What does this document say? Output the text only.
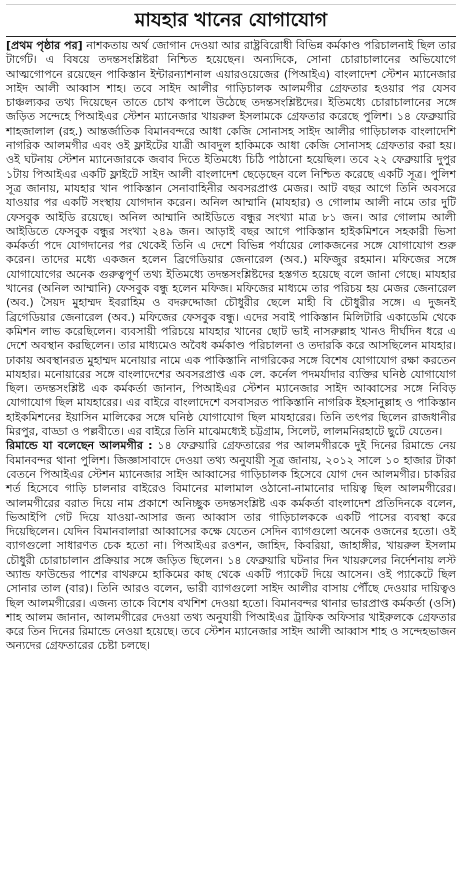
মাযহার খানের যোগাযোগ

[প্রথম পৃষ্ঠার পর] নাশকতায় অর্থ জোগান দেওয়া আর রাষ্ট্রবিরোধী বিভিন্ন কর্মকাণ্ড পরিচালনাই ছিল তার টার্গেট। এ বিষয়ে তদন্তসংশ্লিষ্টরা নিশ্চিত হয়েছেন। অন্যদিকে, সোনা চোরাচালানের অভিযোগে আত্মগোপনে রয়েছেন পাকিস্তান ইন্টারন্যাশনাল এয়ারওয়েজের (পিআইএ) বাংলাদেশ স্টেশন ম্যানেজার সাইদ আলী আব্বাস শাহ। তবে সাইদ আলীর গাড়িচালক আলমগীর গ্রেফতার হওয়ার পর যেসব চাঞ্চল্যকর তথ্য দিয়েছেন তাতে চোখ কপালে উঠেছে তদন্তসংশ্লিষ্টদের। ইতিমধ্যে চোরাচালানের সঙ্গে জড়িত সন্দেহে পিআইএর স্টেশন ম্যানেজার খায়রুল ইসলামকে গ্রেফতার করেছে পুলিশ। ১৪ ফেব্রুয়ারি শাহজালাল (রহ.) আন্তর্জাতিক বিমানবন্দরে আধা কেজি সোনাসহ সাইদ আলীর গাড়িচালক বাংলাদেশি নাগরিক আলমগীর এবং ওই ফ্লাইটের যাত্রী আবদুল হাকিমকে আধা কেজি সোনাসহ গ্রেফতার করা হয়। ওই ঘটনায় স্টেশন ম্যানেজারকে জবাব দিতে ইতিমধ্যে চিঠি পাঠানো হয়েছিল। তবে ২২ ফেব্রুয়ারি দুপুর ১টায় পিআইএর একটি ফ্লাইটে সাইদ আলী বাংলাদেশ ছেড়েছেন বলে নিশ্চিত করেছে একটি সূত্র। পুলিশ সূত্র জানায়, মাযহার খান পাকিস্তান সেনাবাহিনীর অবসরপ্রাপ্ত মেজর। আট বছর আগে তিনি অবসরে যাওয়ার পর একটি সংস্থায় যোগদান করেন। অনিল আম্মানি (মাযহার) ও গোলাম আলী নামে তার দুটি ফেসবুক আইডি রয়েছে। অনিল আম্মানি আইডিতে বন্ধুর সংখ্যা মাত্র ৮১ জন। আর গোলাম আলী আইডিতে ফেসবুক বন্ধুর সংখ্যা ২৪৯ জন। আড়াই বছর আগে পাকিস্তান হাইকমিশনে সহকারী ভিসা কর্মকর্তা পদে যোগদানের পর থেকেই তিনি এ দেশে বিভিন্ন পর্যায়ের লোকজনের সঙ্গে যোগাযোগ শুরু করেন। তাদের মধ্যে একজন হলেন ব্রিগেডিয়ার জেনারেল (অব.) মফিজুর রহমান। মফিজের সঙ্গে যোগাযোগের অনেক গুরুত্বপূর্ণ তথ্য ইতিমধ্যে তদন্তসংশ্লিষ্টদের হস্তগত হয়েছে বলে জানা গেছে। মাযহার খানের (অনিল আম্মানি) ফেসবুক বন্ধু হলেন মফিজ। মফিজের মাধ্যমে তার পরিচয় হয় মেজর জেনারেল (অব.) সৈয়দ মুহাম্মদ ইবরাহিম ও বদরুদ্দোজা চৌধুরীর ছেলে মাহী বি চৌধুরীর সঙ্গে। এ দুজনই ব্রিগেডিয়ার জেনারেল (অব.) মফিজের ফেসবুক বন্ধু। এদের সবাই পাকিস্তান মিলিটারি একাডেমি থেকে কমিশন লাভ করেছিলেন। ব্যবসায়ী পরিচয়ে মাযহার খানের ছোট ভাই নাসরুল্লাহ খানও দীর্ঘদিন ধরে এ দেশে অবস্থান করছিলেন। তার মাধ্যমেও অবৈধ কর্মকাণ্ড পরিচালনা ও তদারকি করে আসছিলেন মাযহার। ঢাকায় অবস্থানরত মুহাম্মদ মনোয়ার নামে এক পাকিস্তানি নাগরিকের সঙ্গে বিশেষ যোগাযোগ রক্ষা করতেন মাযহার। মনোয়ারের সঙ্গে বাংলাদেশের অবসরপ্রাপ্ত এক লে. কর্নেল পদমর্যাদার ব্যক্তির ঘনিষ্ঠ যোগাযোগ ছিল। তদন্তসংশ্লিষ্ট এক কর্মকর্তা জানান, পিআইএর স্টেশন ম্যানেজার সাইদ আব্বাসের সঙ্গে নিবিড় যোগাযোগ ছিল মাযহারের। এর বাইরে বাংলাদেশে বসবাসরত পাকিস্তানি নাগরিক ইহসানুল্লাহ ও পাকিস্তান হাইকমিশনের ইয়াসিন মালিকের সঙ্গে ঘনিষ্ঠ যোগাযোগ ছিল মাযহারের। তিনি তৎপর ছিলেন রাজধানীর মিরপুর, বাড্ডা ও পল্লবীতে। এর বাইরে তিনি মাঝেমধ্যেই চট্টগ্রাম, সিলেট, লালমনিরহাটে ছুটে যেতেন।

রিমান্ডে যা বলেছেন আলমগীর : ১৪ ফেব্রুয়ারি গ্রেফতারের পর আলমগীরকে দুই দিনের রিমান্ডে নেয় বিমানবন্দর থানা পুলিশ। জিজ্ঞাসাবাদে দেওয়া তথ্য অনুযায়ী সূত্র জানায়, ২০১২ সালে ১০ হাজার টাকা বেতনে পিআইএর স্টেশন ম্যানেজার সাইদ আব্বাসের গাড়িচালক হিসেবে যোগ দেন আলমগীর। চাকরির শর্ত হিসেবে গাড়ি চালনার বাইরেও বিমানের মালামাল ওঠানো-নামানোর দায়িত্ব ছিল আলমগীরের। আলমগীরের বরাত দিয়ে নাম প্রকাশে অনিচ্ছুক তদন্তসংশ্লিষ্ট এক কর্মকর্তা বাংলাদেশ প্রতিদিনকে বলেন, ভিআইপি গেট দিয়ে যাওয়া-আসার জন্য আব্বাস তার গাড়িচালককে একটি পাসের ব্যবস্থা করে দিয়েছিলেন। যেদিন বিমানবালারা আব্বাসের কক্ষে যেতেন সেদিন ব্যাগগুলো অনেক ওজনের হতো। ওই ব্যাগগুলো সাধারণত চেক হতো না। পিআইএর রওশন, জাহিদ, কিবরিয়া, জাহাঙ্গীর, খায়রুল ইসলাম চৌধুরী চোরাচালান প্রক্রিয়ার সঙ্গে জড়িত ছিলেন। ১৪ ফেব্রুয়ারি ঘটনার দিন খায়রুলের নির্দেশনায় লস্ট অ্যান্ড ফাউন্ডের পাশের বাথরুমে হাকিমের কাছ থেকে একটি প্যাকেট দিয়ে আসেন। ওই প্যাকেটে ছিল সোনার তাল (বার)। তিনি আরও বলেন, ভারী ব্যাগগুলো সাইদ আলীর বাসায় পৌঁছে দেওয়ার দায়িত্বও ছিল আলমগীরের। এজন্য তাকে বিশেষ বখশিশ দেওয়া হতো। বিমানবন্দর থানার ভারপ্রাপ্ত কর্মকর্তা (ওসি) শাহ আলম জানান, আলমগীরের দেওয়া তথ্য অনুযায়ী পিআইএর ট্রাফিক অফিসার খাইরুলকে গ্রেফতার করে তিন দিনের রিমান্ডে নেওয়া হয়েছে। তবে স্টেশন ম্যানেজার সাইদ আলী আব্বাস শাহ ও সন্দেহভাজন অন্যদের গ্রেফতারের চেষ্টা চলছে।
